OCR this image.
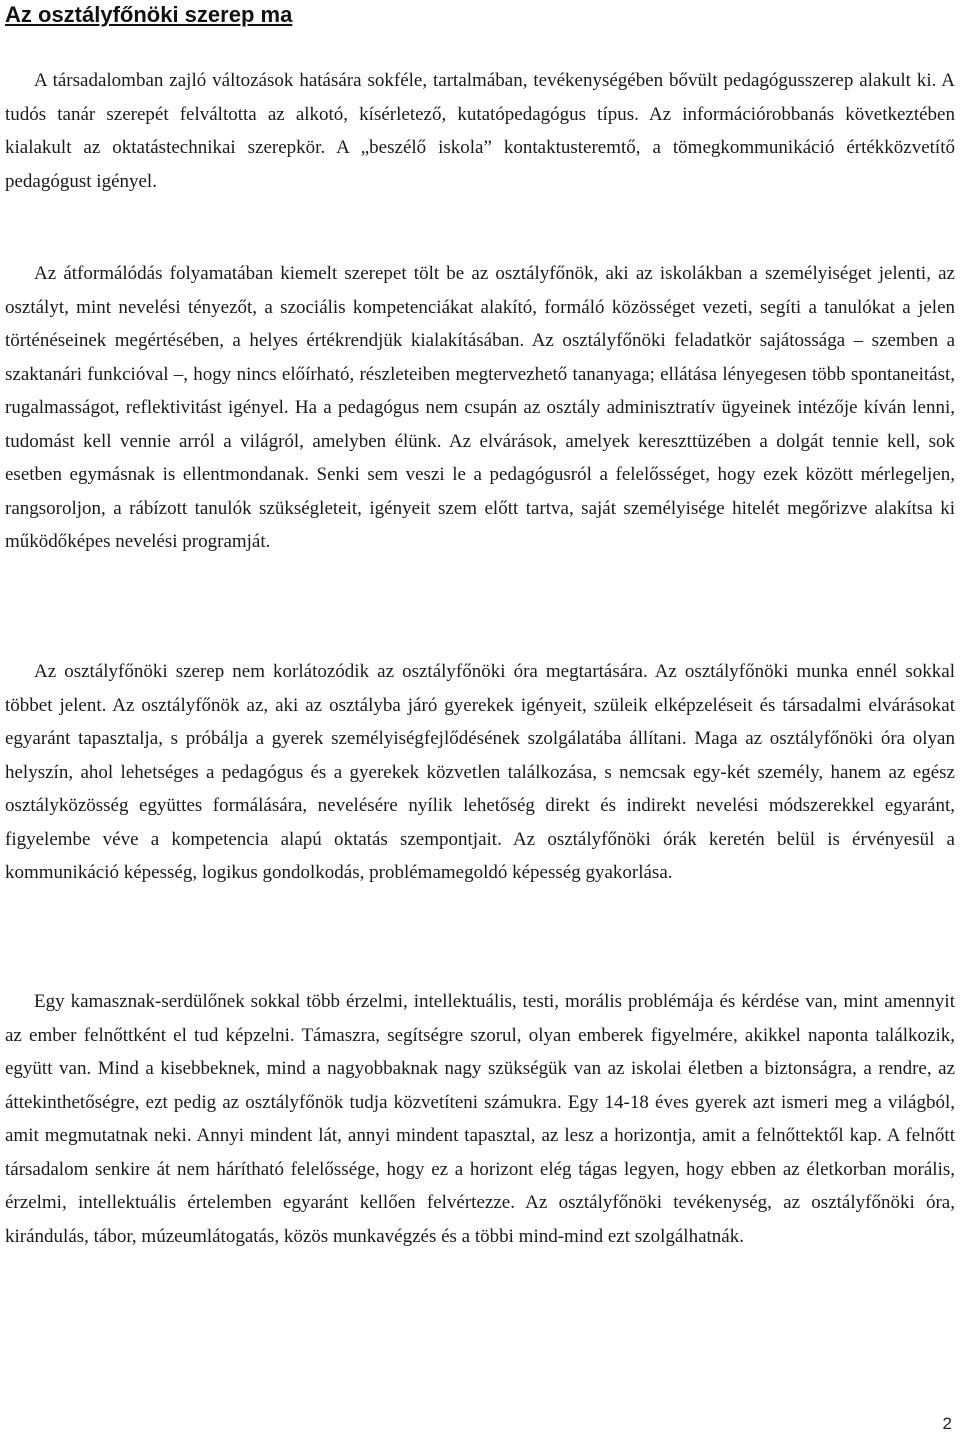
Az osztályfőnöki szerep ma

A társadalomban zajló változások hatására sokféle, tartalmában, tevékenységében bővült pedagógusszerep alakult ki. A tudós tanár szerepét felváltotta az alkotó, kísérletező, kutatópedagógus típus. Az információrobbanás következtében kialakult az oktatástechnikai szerepkör. A „beszélő iskola” kontaktusteremtő, a tömegkommunikáció értékközvetítő pedagógust igényel.

Az átformálódás folyamatában kiemelt szerepet tölt be az osztályfőnök, aki az iskolákban a személyiséget jelenti, az osztályt, mint nevelési tényezőt, a szociális kompetenciákat alakító, formáló közösséget vezeti, segíti a tanulókat a jelen történéseinek megértésében, a helyes értékrendjük kialakításában. Az osztályfőnöki feladatkör sajátossága – szemben a szaktanári funkcióval –, hogy nincs előírható, részleteiben megtervezhető tananyaga; ellátása lényegesen több spontaneitást, rugalmasságot, reflektivitást igényel. Ha a pedagógus nem csupán az osztály adminisztratív ügyeinek intézője kíván lenni, tudomást kell vennie arról a világról, amelyben élünk. Az elvárások, amelyek kereszttüzében a dolgát tennie kell, sok esetben egymásnak is ellentmondanak. Senki sem veszi le a pedagógusról a felelősséget, hogy ezek között mérlegeljen, rangsoroljon, a rábízott tanulók szükségleteit, igényeit szem előtt tartva, saját személyisége hitelét megőrizve alakítsa ki működőképes nevelési programját.

Az osztályfőnöki szerep nem korlátozódik az osztályfőnöki óra megtartására. Az osztályfőnöki munka ennél sokkal többet jelent. Az osztályfőnök az, aki az osztályba járó gyerekek igényeit, szüleik elképzeléseit és társadalmi elvárásokat egyaránt tapasztalja, s próbálja a gyerek személyiségfejlődésének szolgálatába állítani. Maga az osztályfőnöki óra olyan helyszín, ahol lehetséges a pedagógus és a gyerekek közvetlen találkozása, s nemcsak egy-két személy, hanem az egész osztályközösség együttes formálására, nevelésére nyílik lehetőség direkt és indirekt nevelési módszerekkel egyaránt, figyelembe véve a kompetencia alapú oktatás szempontjait. Az osztályfőnöki órák keretén belül is érvényesül a kommunikáció képesség, logikus gondolkodás, problémamegoldó képesség gyakorlása.

Egy kamasznak-serdülőnek sokkal több érzelmi, intellektuális, testi, morális problémája és kérdése van, mint amennyit az ember felnőttként el tud képzelni. Támaszra, segítségre szorul, olyan emberek figyelmére, akikkel naponta találkozik, együtt van. Mind a kisebbeknek, mind a nagyobbaknak nagy szükségük van az iskolai életben a biztonságra, a rendre, az áttekinthetőségre, ezt pedig az osztályfőnök tudja közvetíteni számukra. Egy 14-18 éves gyerek azt ismeri meg a világból, amit megmutatnak neki. Annyi mindent lát, annyi mindent tapasztal, az lesz a horizontja, amit a felnőttektől kap. A felnőtt társadalom senkire át nem hárítható felelőssége, hogy ez a horizont elég tágas legyen, hogy ebben az életkorban morális, érzelmi, intellektuális értelemben egyaránt kellően felvértezze. Az osztályfőnöki tevékenység, az osztályfőnöki óra, kirándulás, tábor, múzeumlátogatás, közös munkavégzés és a többi mind-mind ezt szolgálhatnák.

2
